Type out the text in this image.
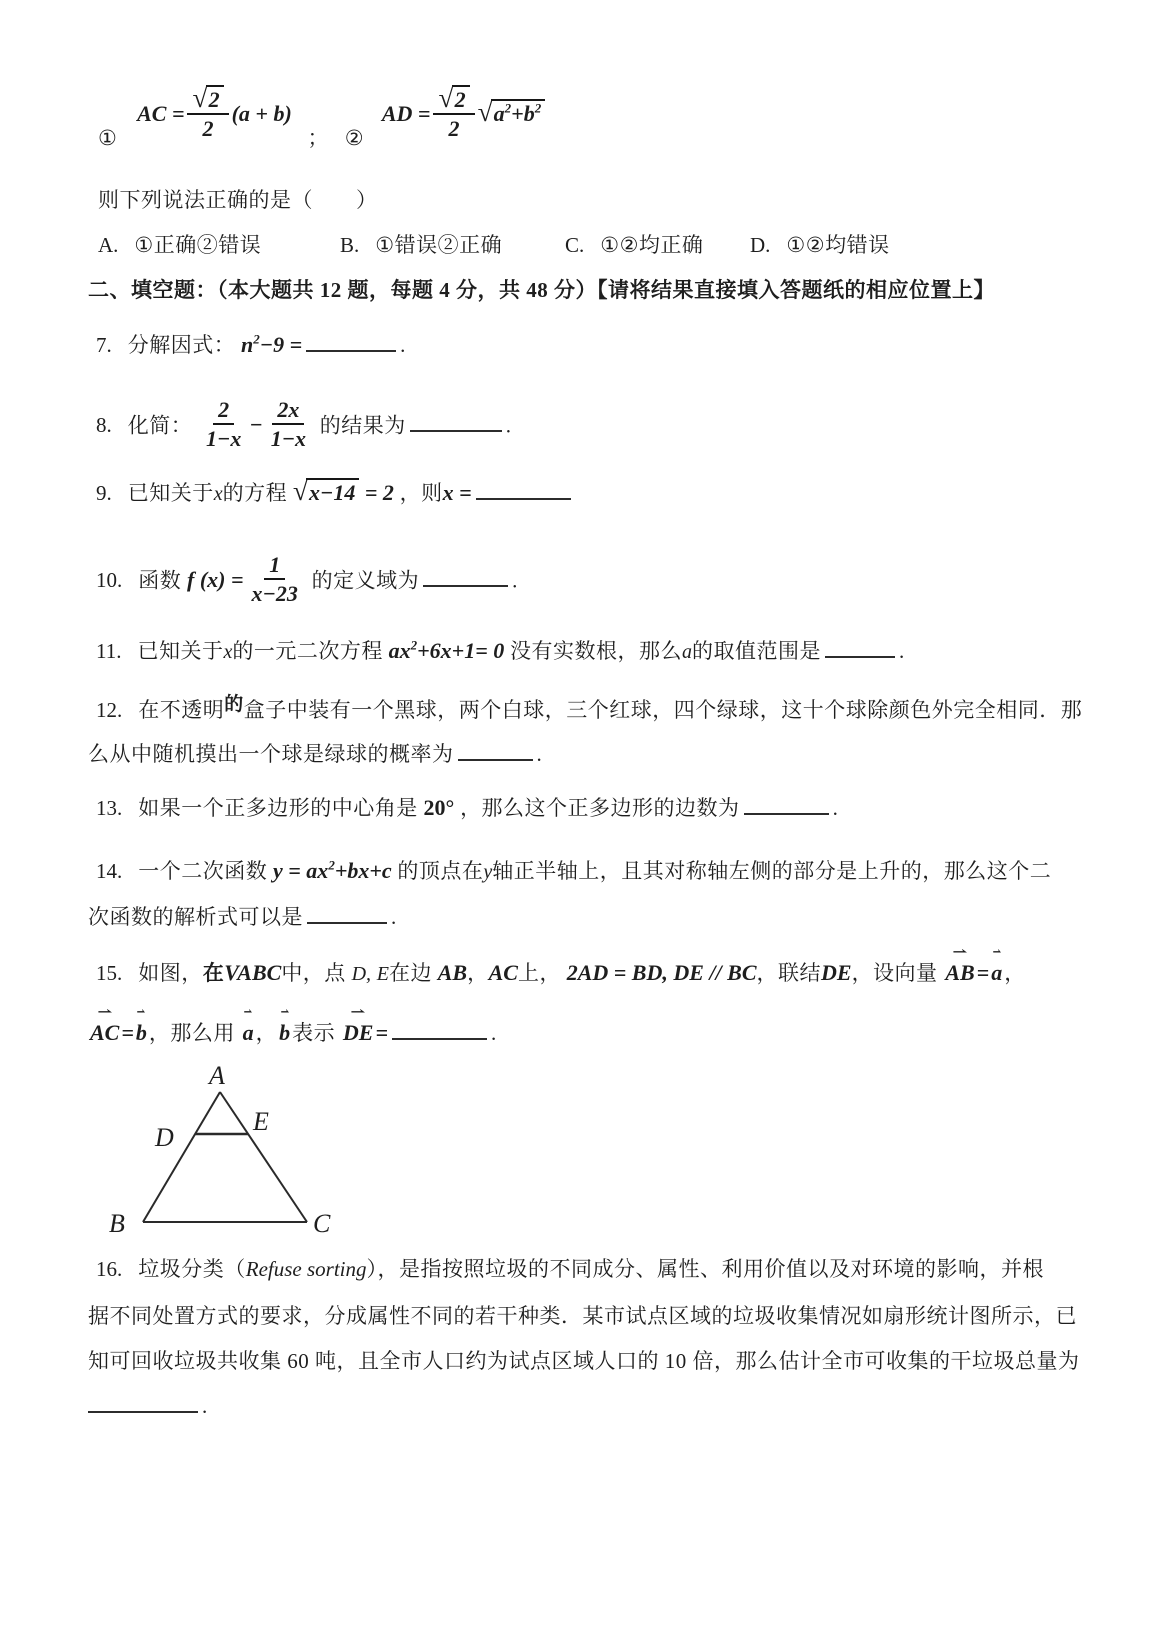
① AC = $\frac{√ 2}{2} (a + b)$ ； ② AD = $\frac{√ 2}{2}$ √ $a^2+b^2$
则下列说法正确的是（　　）
A. ①正确②错误	B. ①错误②正确	C. ①②均正确 D. ①②均错误
二、填空题：（本大题共 12 题，每题 4 分，共 48 分）【请将结果直接填入答题纸的相应位置上】
7. 分解因式： $n^2-9$ =	.
8. 化简： $\frac{2}{1-x} - \frac{2x}{1-x}$ 的结果为	.
9. 已知关于x的方程 √ x−14 = 2 ，则x =
10. 函数 f $(x) = \frac{1}{x-23}$ 的定义域为	.
11. 已知关于x的一元二次方程 $ax^2+6x+1= 0$ 没有实数根，那么a的取值范围是	.
12. 在不透明的盒子中装有一个黑球，两个白球，三个红球，四个绿球，这十个球除颜色外完全相同．那
么从中随机摸出一个球是绿球的概率为	.
13. 如果一个正多边形的中心角是 20° ，那么这个正多边形的边数为	.
14. 一个二次函数 $y = ax^2+bx+c$ 的顶点在y轴正半轴上，且其对称轴左侧的部分是上升的，那么这个二
次函数的解析式可以是	.
15. 如图，在VABC中，点 D, E在边 AB，AC上， 2AD = BD, DE // BC，联结DE，设向量
⇀
AB=
⇀
a，
⇀
AC=
⇀
b，那么用
⇀
a，
⇀
b表示
⇀
DE=	.
A
D
E
B	C
16. 垃圾分类（Refuse sorting），是指按照垃圾的不同成分、属性、利用价值以及对环境的影响，并根
据不同处置方式的要求，分成属性不同的若干种类．某市试点区域的垃圾收集情况如扇形统计图所示，已
知可回收垃圾共收集 60 吨，且全市人口约为试点区域人口的 10 倍，那么估计全市可收集的干垃圾总量为
.
